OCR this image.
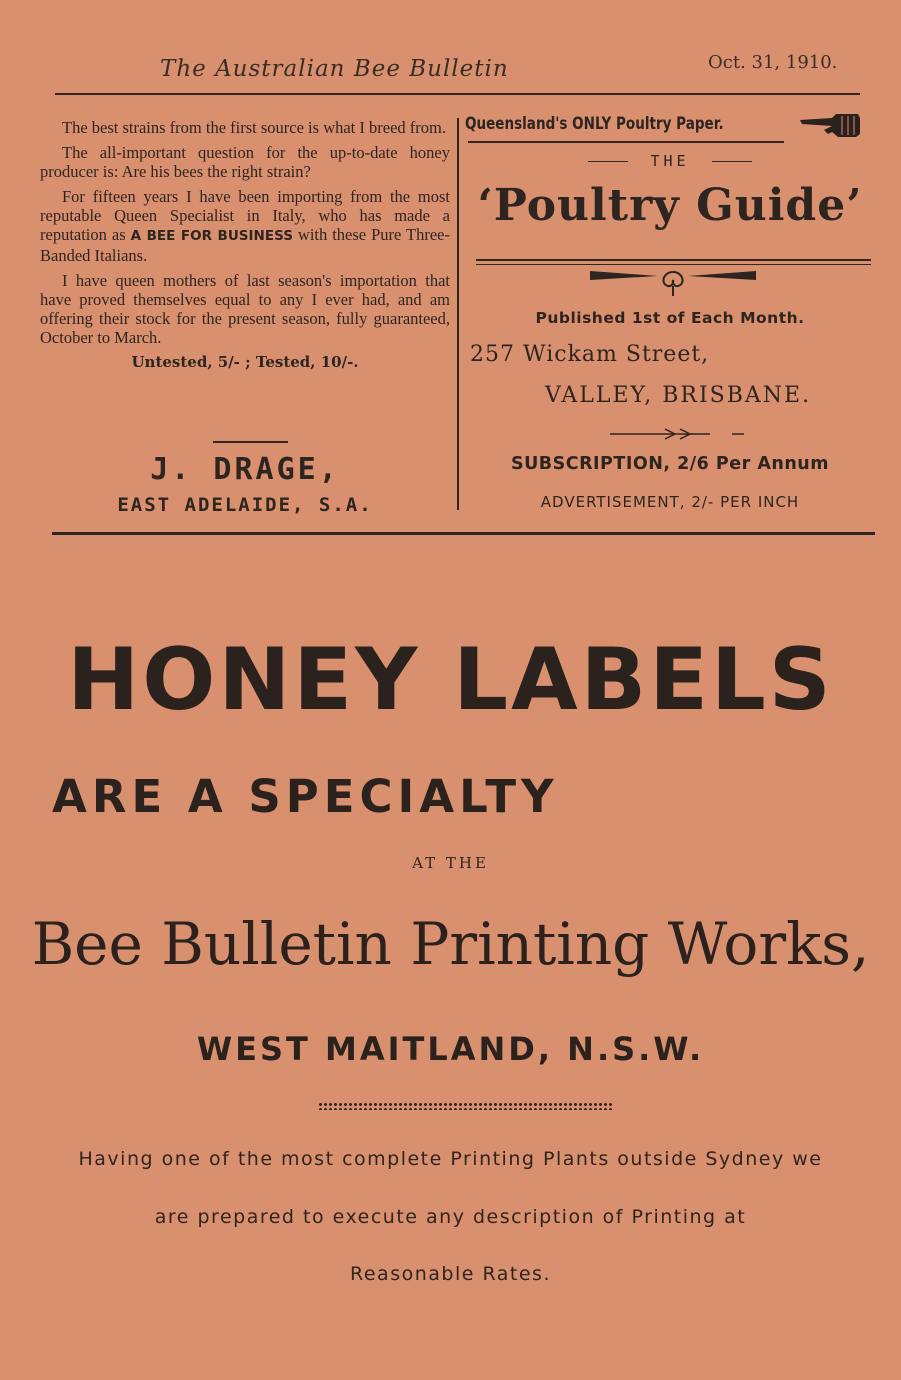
The Australian Bee Bulletin	Oct. 31, 1910.

The best strains from the first source is what I breed from.

The all-important question for the up-to-date honey producer is: Are his bees the right strain?

For fifteen years I have been importing from the most reputable Queen Specialist in Italy, who has made a reputation as A BEE FOR BUSINESS with these Pure Three-Banded Italians.

I have queen mothers of last season's importation that have proved themselves equal to any I ever had, and am offering their stock for the present season, fully guaranteed, October to March.

Untested, 5/- ; Tested, 10/-.
J. DRAGE,
EAST ADELAIDE, S.A.
Queensland's ONLY Poultry Paper.
THE
‘Poultry Guide’
Published 1st of Each Month.
257 Wickam Street,
VALLEY, BRISBANE.
SUBSCRIPTION, 2/6 Per Annum
ADVERTISEMENT, 2/- PER INCH
HONEY LABELS
ARE A SPECIALTY
AT THE
Bee Bulletin Printing Works,
WEST MAITLAND, N.S.W.
Having one of the most complete Printing Plants outside Sydney we
are prepared to execute any description of Printing at
Reasonable Rates.
